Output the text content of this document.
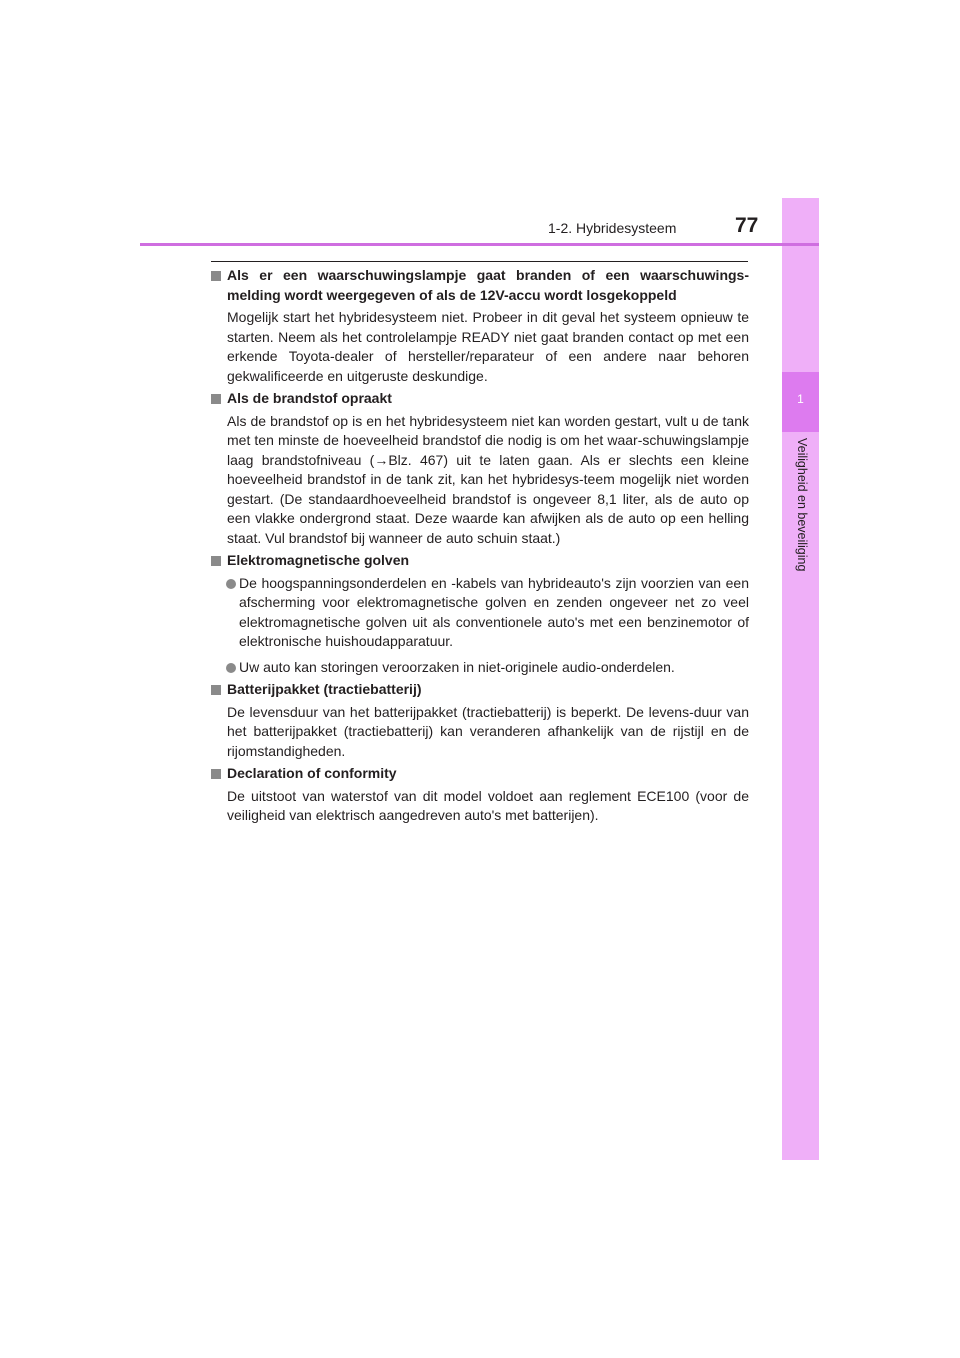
1
Veiligheid en beveiliging
1-2. Hybridesysteem	77
Als er een waarschuwingslampje gaat branden of een waarschuwings-melding wordt weergegeven of als de 12V-accu wordt losgekoppeld
Mogelijk start het hybridesysteem niet. Probeer in dit geval het systeem opnieuw te starten. Neem als het controlelampje READY niet gaat branden contact op met een erkende Toyota-dealer of hersteller/reparateur of een andere naar behoren gekwalificeerde en uitgeruste deskundige.
Als de brandstof opraakt
Als de brandstof op is en het hybridesysteem niet kan worden gestart, vult u de tank met ten minste de hoeveelheid brandstof die nodig is om het waar-schuwingslampje laag brandstofniveau (→Blz. 467) uit te laten gaan. Als er slechts een kleine hoeveelheid brandstof in de tank zit, kan het hybridesys-teem mogelijk niet worden gestart. (De standaardhoeveelheid brandstof is ongeveer 8,1 liter, als de auto op een vlakke ondergrond staat. Deze waarde kan afwijken als de auto op een helling staat. Vul brandstof bij wanneer de auto schuin staat.)
Elektromagnetische golven
De hoogspanningsonderdelen en -kabels van hybrideauto's zijn voorzien van een afscherming voor elektromagnetische golven en zenden ongeveer net zo veel elektromagnetische golven uit als conventionele auto's met een benzinemotor of elektronische huishoudapparatuur.
Uw auto kan storingen veroorzaken in niet-originele audio-onderdelen.
Batterijpakket (tractiebatterij)
De levensduur van het batterijpakket (tractiebatterij) is beperkt. De levens-duur van het batterijpakket (tractiebatterij) kan veranderen afhankelijk van de rijstijl en de rijomstandigheden.
Declaration of conformity
De uitstoot van waterstof van dit model voldoet aan reglement ECE100 (voor de veiligheid van elektrisch aangedreven auto's met batterijen).
